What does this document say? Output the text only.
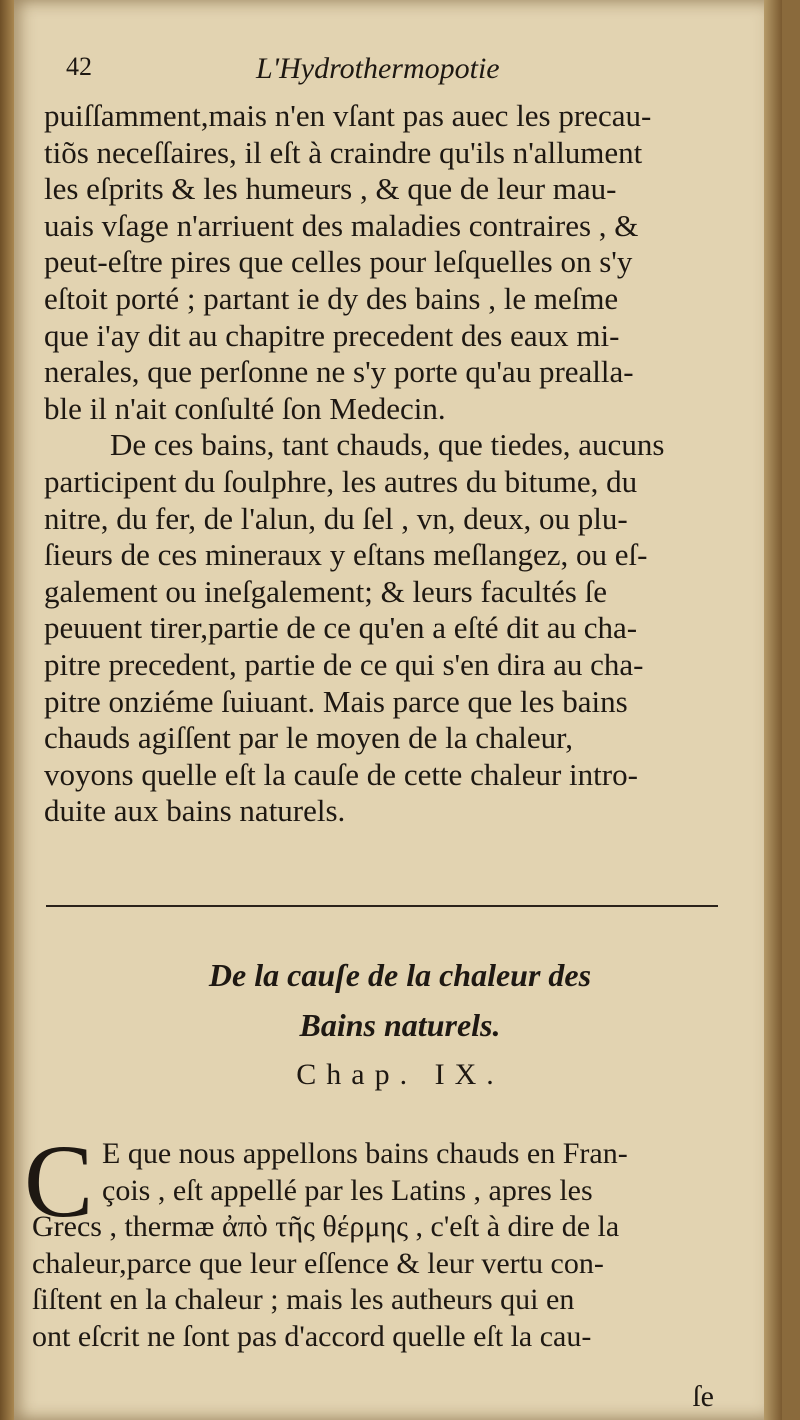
42	L'Hydrothermopotie
puiſſamment,mais n'en vſant pas auec les precau-
tiõs neceſſaires, il eſt à craindre qu'ils n'allument
les eſprits & les humeurs , & que de leur mau-
uais vſage n'arriuent des maladies contraires , &
peut-eſtre pires que celles pour leſquelles on s'y
eſtoit porté ; partant ie dy des bains , le meſme
que i'ay dit au chapitre precedent des eaux mi-
nerales, que perſonne ne s'y porte qu'au prealla-
ble il n'ait conſulté ſon Medecin.
De ces bains, tant chauds, que tiedes, aucuns
participent du ſoulphre, les autres du bitume, du
nitre, du fer, de l'alun, du ſel , vn, deux, ou plu-
ſieurs de ces mineraux y eſtans meſlangez, ou eſ-
galement ou ineſgalement; & leurs facultés ſe
peuuent tirer,partie de ce qu'en a eſté dit au cha-
pitre precedent, partie de ce qui s'en dira au cha-
pitre onziéme ſuiuant. Mais parce que les bains
chauds agiſſent par le moyen de la chaleur,
voyons quelle eſt la cauſe de cette chaleur intro-
duite aux bains naturels.
De la cauſe de la chaleur des
Bains naturels.
Chap. IX.
C E que nous appellons bains chauds en Fran-
çois , eſt appellé par les Latins , apres les
Grecs , thermæ ἀπὸ τῆς θέρμης , c'eſt à dire de la
chaleur,parce que leur eſſence & leur vertu con-
ſiſtent en la chaleur ; mais les autheurs qui en
ont eſcrit ne ſont pas d'accord quelle eſt la cau-
ſe
